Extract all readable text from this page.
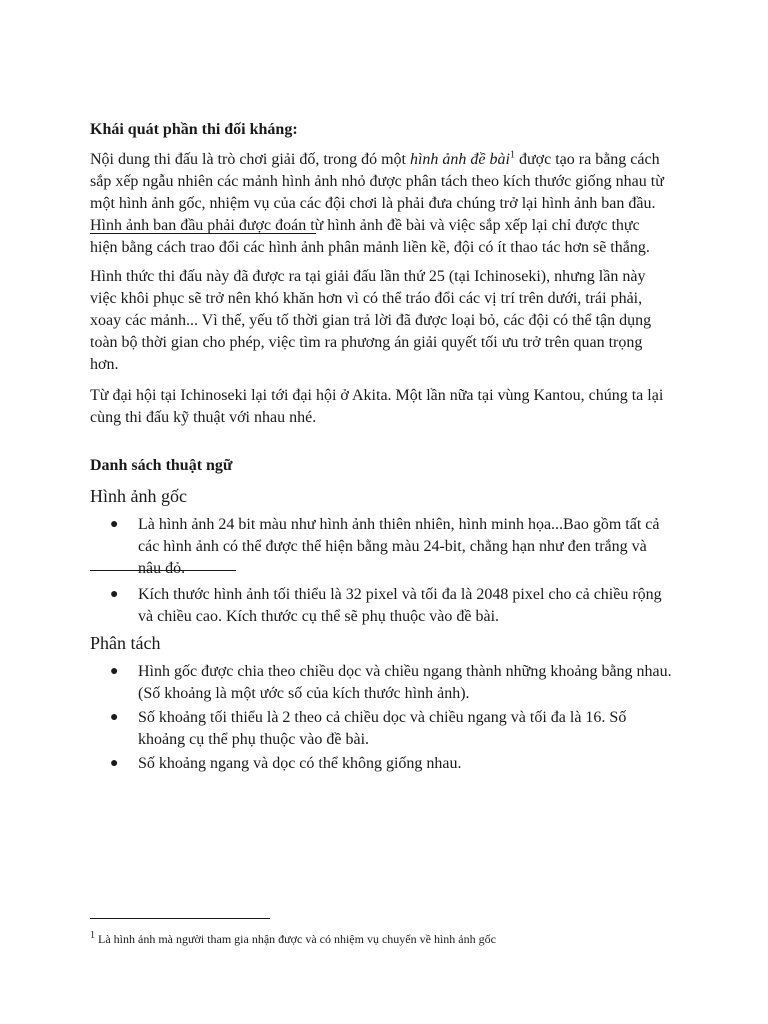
Khái quát phần thi đối kháng:
Nội dung thi đấu là trò chơi giải đố, trong đó một hình ảnh đề bài$^1$ được tạo ra bằng cách
sắp xếp ngẫu nhiên các mảnh hình ảnh nhỏ được phân tách theo kích thước giống nhau từ
một hình ảnh gốc, nhiệm vụ của các đội chơi là phải đưa chúng trở lại hình ảnh ban đầu.
Hình ảnh ban đầu phải được đoán từ hình ảnh đề bài và việc sắp xếp lại chỉ được thực
hiện bằng cách trao đổi các hình ảnh phân mảnh liền kề, đội có ít thao tác hơn sẽ thắng.
Hình thức thi đấu này đã được ra tại giải đấu lần thứ 25 (tại Ichinoseki), nhưng lần này
việc khôi phục sẽ trở nên khó khăn hơn vì có thể tráo đổi các vị trí trên dưới, trái phải,
xoay các mảnh... Vì thế, yếu tố thời gian trả lời đã được loại bỏ, các đội có thể tận dụng
toàn bộ thời gian cho phép, việc tìm ra phương án giải quyết tối ưu trở trên quan trọng
hơn.
Từ đại hội tại Ichinoseki lại tới đại hội ở Akita. Một lần nữa tại vùng Kantou, chúng ta lại
cùng thi đấu kỹ thuật với nhau nhé.
Danh sách thuật ngữ
Hình ảnh gốc
● Là hình ảnh 24 bit màu như hình ảnh thiên nhiên, hình minh họa...Bao gồm tất cả
các hình ảnh có thể được thể hiện bằng màu 24-bit, chẳng hạn như đen trắng và
nâu đỏ.
● Kích thước hình ảnh tối thiểu là 32 pixel và tối đa là 2048 pixel cho cả chiều rộng
và chiều cao. Kích thước cụ thể sẽ phụ thuộc vào đề bài.
Phân tách
● Hình gốc được chia theo chiều dọc và chiều ngang thành những khoảng bằng nhau.
(Số khoảng là một ước số của kích thước hình ảnh).
● Số khoảng tối thiểu là 2 theo cả chiều dọc và chiều ngang và tối đa là 16. Số
khoảng cụ thể phụ thuộc vào đề bài.
● Số khoảng ngang và dọc có thể không giống nhau.
$^1$ Là hình ảnh mà người tham gia nhận được và có nhiệm vụ chuyển về hình ảnh gốc
